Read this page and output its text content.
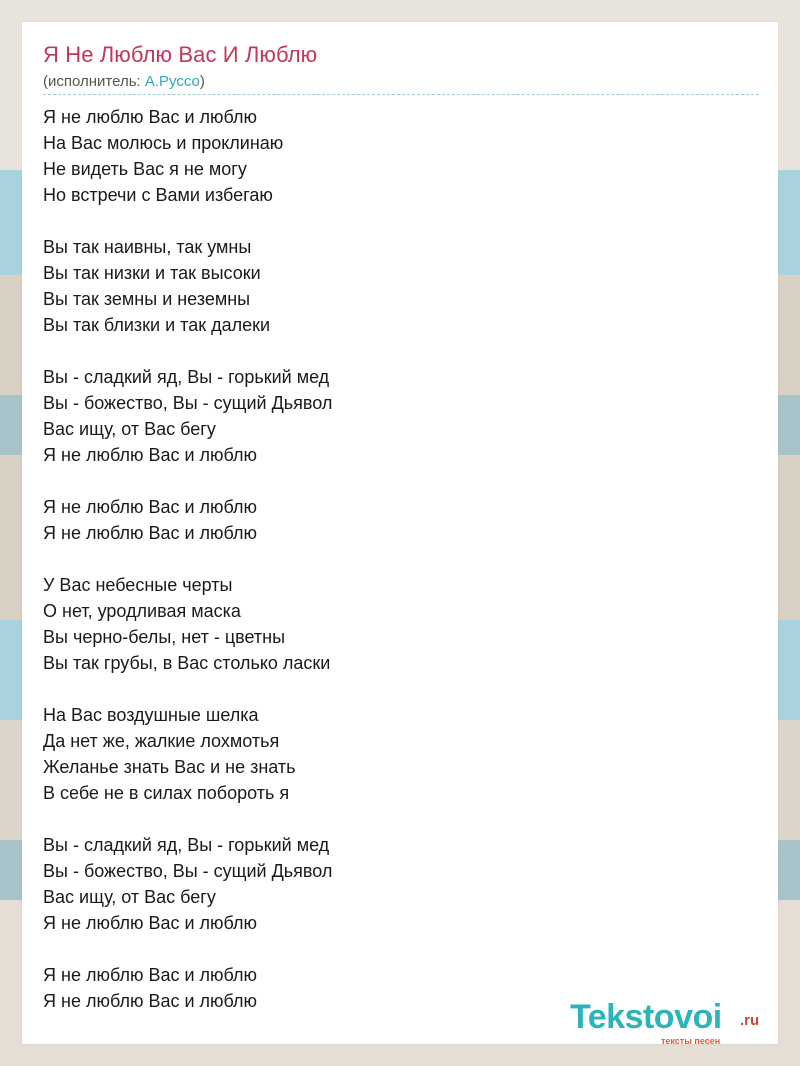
Я Не Люблю Вас И Люблю
(исполнитель: А.Руссо)
Я не люблю Вас и люблю
На Вас молюсь и проклинаю
Не видеть Вас я не могу
Но встречи с Вами избегаю
Вы так наивны, так умны
Вы так низки и так высоки
Вы так земны и неземны
Вы так близки и так далеки
Вы - сладкий яд, Вы - горький мед
Вы - божество, Вы - сущий Дьявол
Вас ищу, от Вас бегу
Я не люблю Вас и люблю
Я не люблю Вас и люблю
Я не люблю Вас и люблю
У Вас небесные черты
О нет, уродливая маска
Вы черно-белы, нет - цветны
Вы так грубы, в Вас столько ласки
На Вас воздушные шелка
Да нет же, жалкие лохмотья
Желанье знать Вас и не знать
В себе не в силах побороть я
Вы - сладкий яд, Вы - горький мед
Вы - божество, Вы - сущий Дьявол
Вас ищу, от Вас бегу
Я не люблю Вас и люблю
Я не люблю Вас и люблю
Я не люблю Вас и люблю	Tekstovoi .ru
тексты песен
